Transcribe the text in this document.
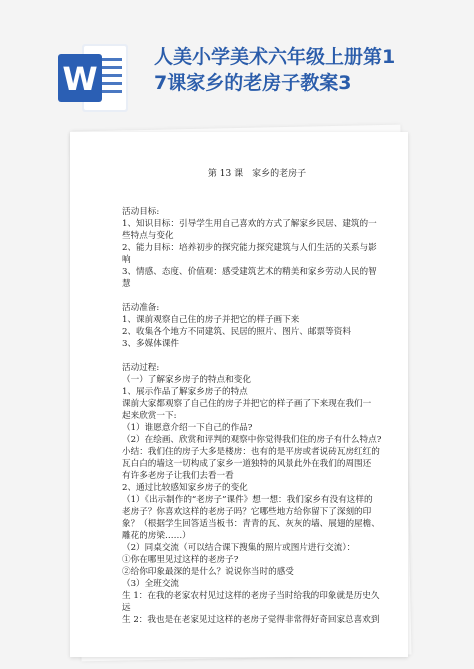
W
人美小学美术六年级上册第1
7课家乡的老房子教案3
第 13 课　家乡的老房子
活动目标:
1、知识目标：引导学生用自己喜欢的方式了解家乡民居、建筑的一
些特点与变化
2、能力目标：培养初步的探究能力探究建筑与人们生活的关系与影
响
3、情感、态度、价值观：感受建筑艺术的精美和家乡劳动人民的智
慧
活动准备:
1、课前观察自己住的房子并把它的样子画下来
2、收集各个地方不同建筑、民居的照片、图片、邮票等资料
3、多媒体课件
活动过程:
（一）了解家乡房子的特点和变化
1、展示作品了解家乡房子的特点
课前大家都观察了自己住的房子并把它的样子画了下来现在我们一
起来欣赏一下:
（1）谁愿意介绍一下自己的作品?
（2）在绘画、欣赏和评判的观察中你觉得我们住的房子有什么特点?
小结：我们住的房子大多是楼房：也有的是平房或者说砖瓦房红红的
瓦白白的墙这一切构成了家乡一道独特的风景此外在我们的周围还
有许多老房子让我们去看一看
2、通过比较感知家乡房子的变化
（1）《出示制作的“老房子”课件》想一想：我们家乡有没有这样的
老房子？你喜欢这样的老房子吗？它哪些地方给你留下了深刻的印
象？（根据学生回答适当板书：青青的瓦、灰灰的墙、展翅的屋檐、
雕花的房梁……）
（2）同桌交流（可以结合课下搜集的照片或图片进行交流）：
①你在哪里见过这样的老房子?
②给你印象最深的是什么？说说你当时的感受
（3）全班交流
生 1：在我的老家农村见过这样的老房子当时给我的印象就是历史久
远
生 2：我也是在老家见过这样的老房子觉得非常得好奇回家总喜欢到
